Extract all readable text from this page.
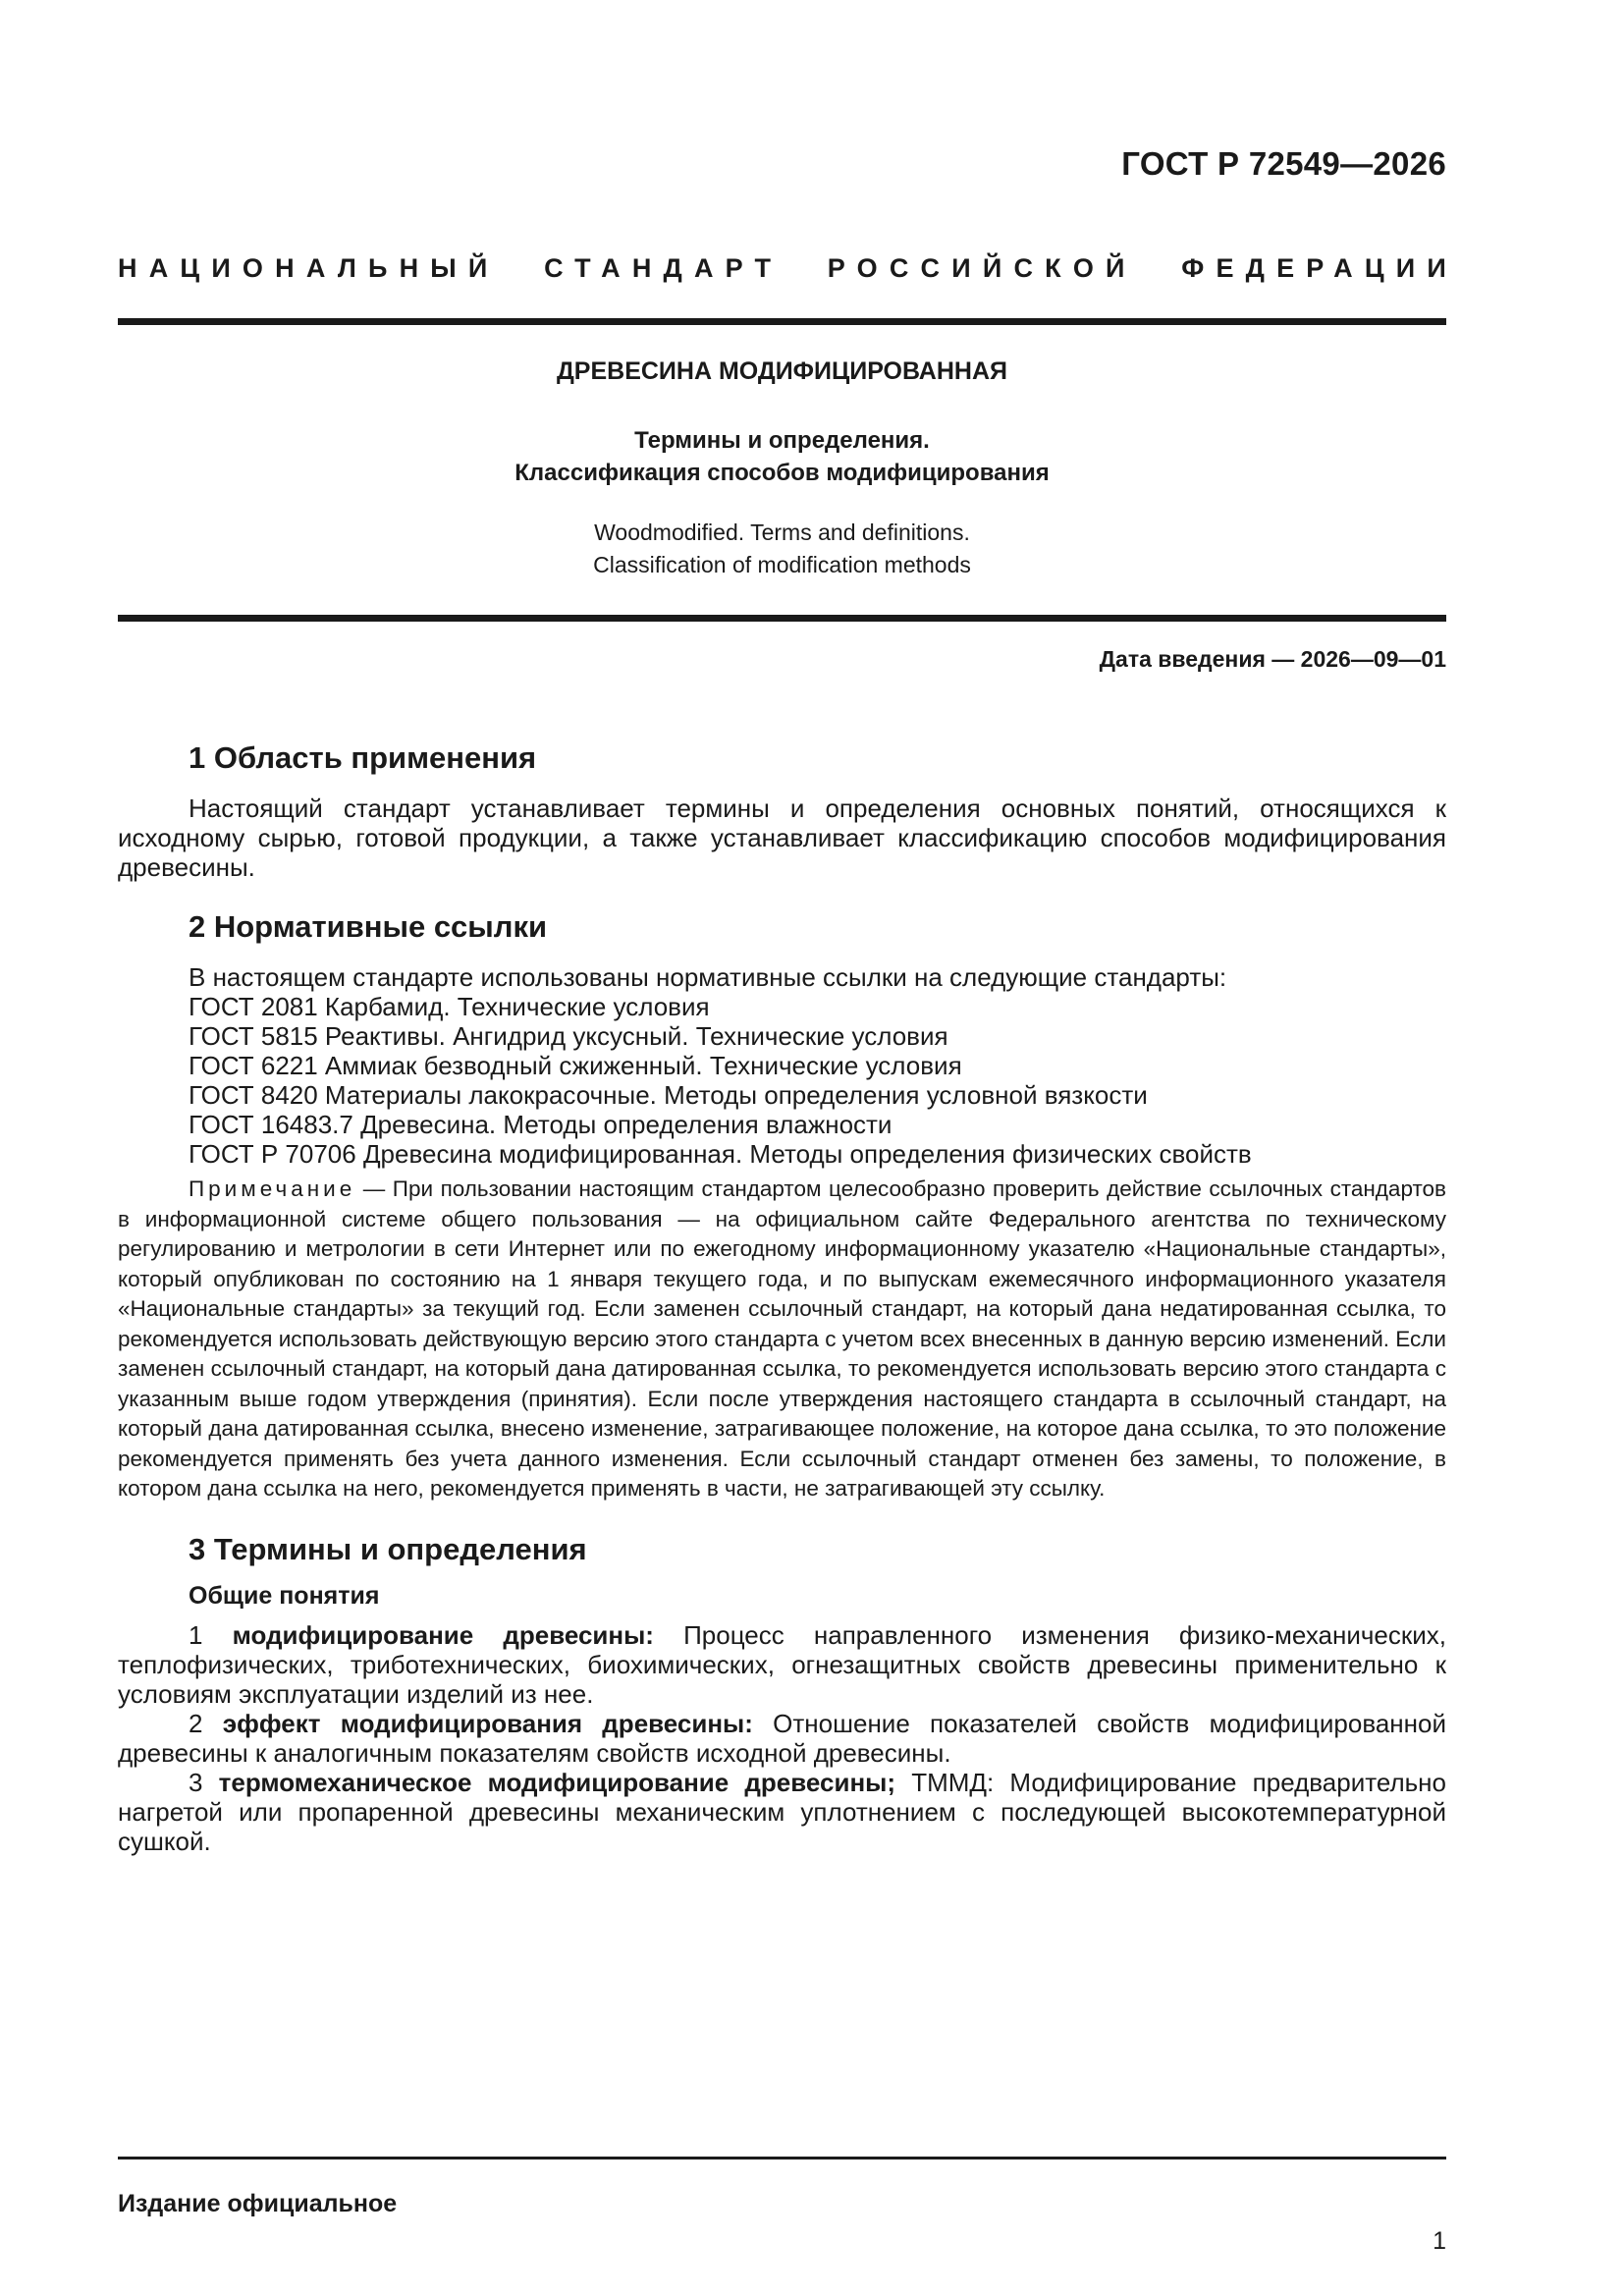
ГОСТ Р 72549—2026
НАЦИОНАЛЬНЫЙ СТАНДАРТ РОССИЙСКОЙ ФЕДЕРАЦИИ
ДРЕВЕСИНА МОДИФИЦИРОВАННАЯ
Термины и определения.
Классификация способов модифицирования
Woodmodified. Terms and definitions.
Classification of modification methods
Дата введения — 2026—09—01
1 Область применения

Настоящий стандарт устанавливает термины и определения основных понятий, относящихся к исходному сырью, готовой продукции, а также устанавливает классификацию способов модифицирования древесины.

2 Нормативные ссылки
В настоящем стандарте использованы нормативные ссылки на следующие стандарты:
ГОСТ 2081 Карбамид. Технические условия
ГОСТ 5815 Реактивы. Ангидрид уксусный. Технические условия
ГОСТ 6221 Аммиак безводный сжиженный. Технические условия
ГОСТ 8420 Материалы лакокрасочные. Методы определения условной вязкости
ГОСТ 16483.7 Древесина. Методы определения влажности
ГОСТ Р 70706 Древесина модифицированная. Методы определения физических свойств

Примечание — При пользовании настоящим стандартом целесообразно проверить действие ссылочных стандартов в информационной системе общего пользования — на официальном сайте Федерального агентства по техническому регулированию и метрологии в сети Интернет или по ежегодному информационному указателю «Национальные стандарты», который опубликован по состоянию на 1 января текущего года, и по выпускам ежемесячного информационного указателя «Национальные стандарты» за текущий год. Если заменен ссылочный стандарт, на который дана недатированная ссылка, то рекомендуется использовать действующую версию этого стандарта с учетом всех внесенных в данную версию изменений. Если заменен ссылочный стандарт, на который дана датированная ссылка, то рекомендуется использовать версию этого стандарта с указанным выше годом утверждения (принятия). Если после утверждения настоящего стандарта в ссылочный стандарт, на который дана датированная ссылка, внесено изменение, затрагивающее положение, на которое дана ссылка, то это положение рекомендуется применять без учета данного изменения. Если ссылочный стандарт отменен без замены, то положение, в котором дана ссылка на него, рекомендуется применять в части, не затрагивающей эту ссылку.

3 Термины и определения
Общие понятия

1 модифицирование древесины: Процесс направленного изменения физико-механических, теплофизических, триботехнических, биохимических, огнезащитных свойств древесины применительно к условиям эксплуатации изделий из нее.

2 эффект модифицирования древесины: Отношение показателей свойств модифицированной древесины к аналогичным показателям свойств исходной древесины.

3 термомеханическое модифицирование древесины; ТММД: Модифицирование предварительно нагретой или пропаренной древесины механическим уплотнением с последующей высокотемпературной сушкой.

Издание официальное
1
